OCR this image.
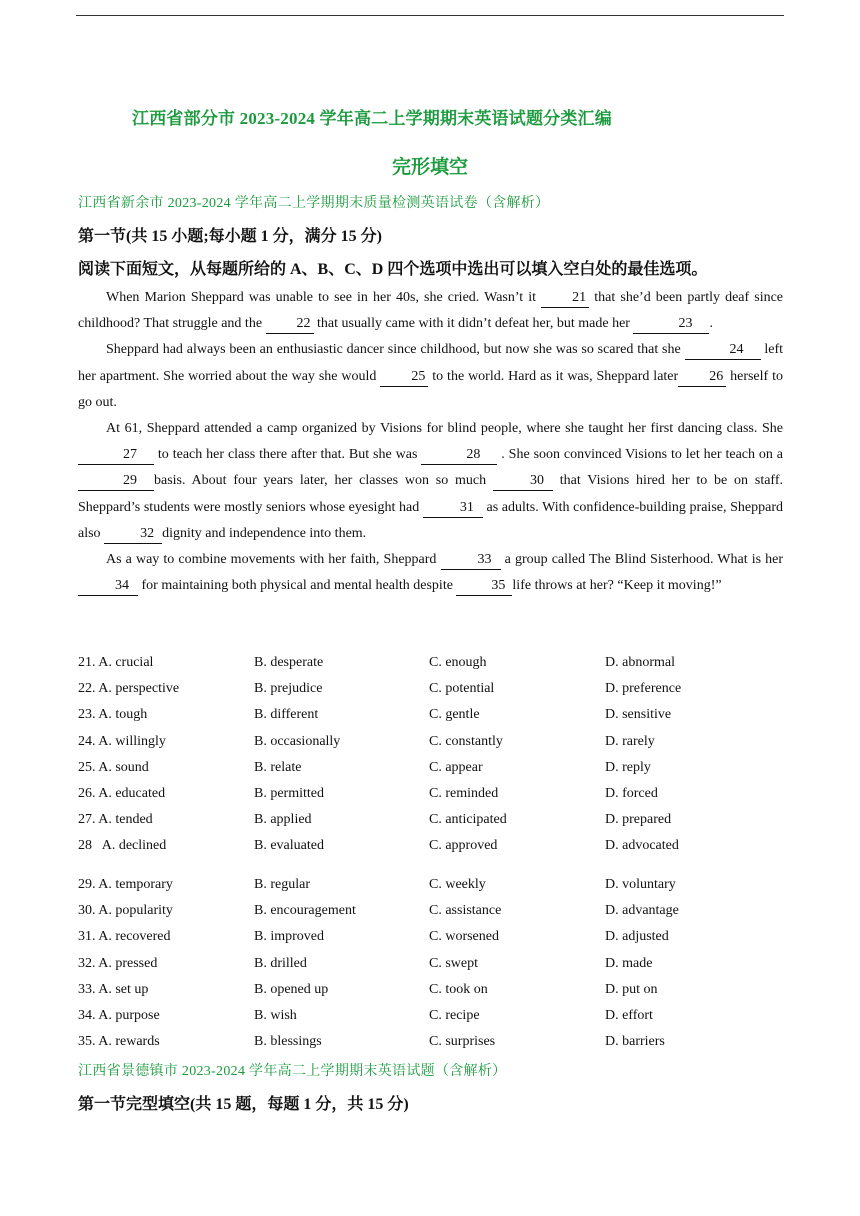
江西省部分市 2023-2024 学年高二上学期期末英语试题分类汇编
完形填空
江西省新余市 2023-2024 学年高二上学期期末质量检测英语试卷（含解析）
第一节(共 15 小题;每小题 1 分，满分 15 分)
阅读下面短文，从每题所给的 A、B、C、D 四个选项中选出可以填入空白处的最佳选项。

When Marion Sheppard was unable to see in her 40s, she cried. Wasn’t it	21 that she’d been partly deaf since childhood? That struggle and the 22 that usually came with it didn’t defeat her, but made her	23 .

Sheppard had always been an enthusiastic dancer since childhood, but now she was so scared that she	24 left her apartment. She worried about the way she would 25 to the world. Hard as it was, Sheppard later 26 herself to go out.

At 61, Sheppard attended a camp organized by Visions for blind people, where she taught her first dancing class. She 27 to teach her class there after that. But she was	28 . She soon convinced Visions to let her teach on a 29 basis. About four years later, her classes won so much	30 that Visions hired her to be on staff. Sheppard’s students were mostly seniors whose eyesight had	31 as adults. With confidence-building praise, Sheppard also	32 dignity and independence into them.

As a way to combine movements with her faith, Sheppard	33 a group called The Blind Sisterhood. What is her 34 for maintaining both physical and mental health despite	35 life throws at her? “Keep it moving!”

21. A. crucial	B. desperate	C. enough	D. abnormal
22. A. perspective	B. prejudice	C. potential	D. preference
23. A. tough	B. different	C. gentle	D. sensitive
24. A. willingly	B. occasionally	C. constantly	D. rarely
25. A. sound	B. relate	C. appear	D. reply
26. A. educated	B. permitted	C. reminded	D. forced
27. A. tended	B. applied	C. anticipated	D. prepared
28   A. declined	B. evaluated	C. approved	D. advocated
29. A. temporary	B. regular	C. weekly	D. voluntary
30. A. popularity	B. encouragement	C. assistance	D. advantage
31. A. recovered	B. improved	C. worsened	D. adjusted
32. A. pressed	B. drilled	C. swept	D. made
33. A. set up	B. opened up	C. took on	D. put on
34. A. purpose	B. wish	C. recipe	D. effort
35. A. rewards	B. blessings	C. surprises	D. barriers
江西省景德镇市 2023-2024 学年高二上学期期末英语试题（含解析）
第一节完型填空(共 15 题，每题 1 分，共 15 分)
